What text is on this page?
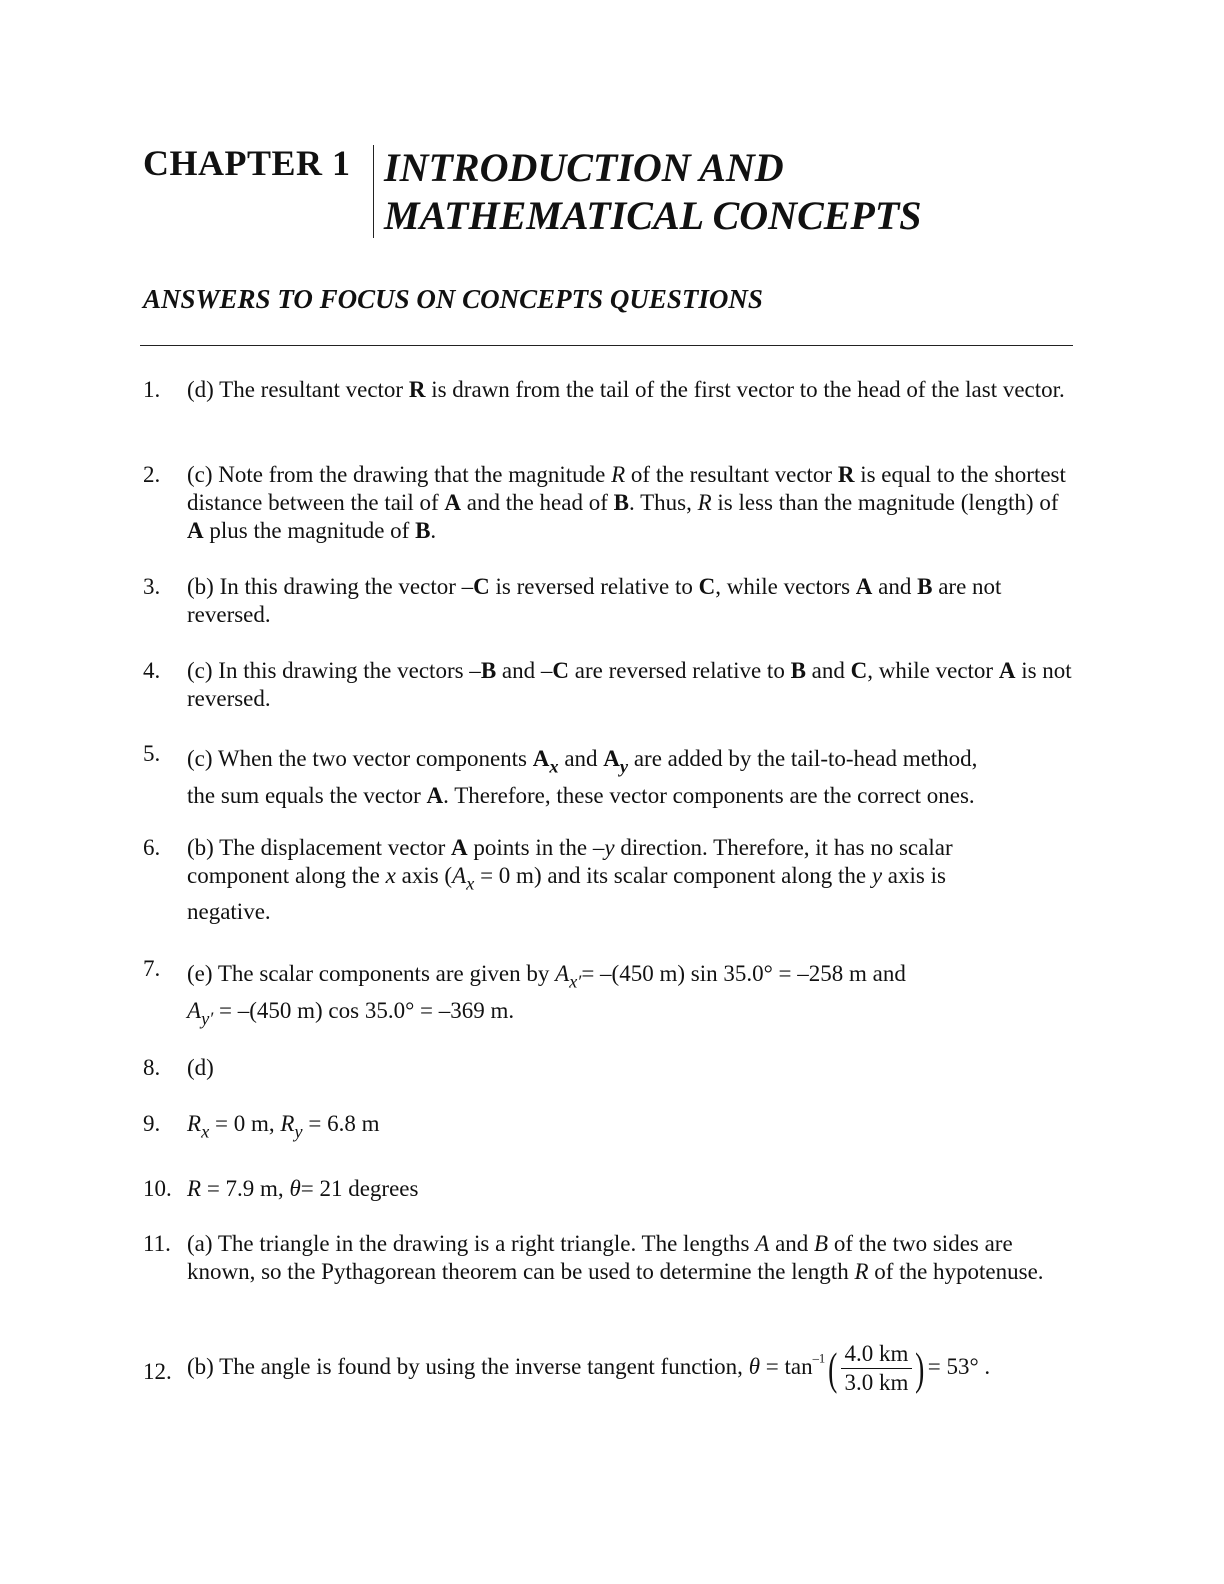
CHAPTER 1 INTRODUCTION AND
MATHEMATICAL CONCEPTS
ANSWERS TO FOCUS ON CONCEPTS QUESTIONS
1.	(d) The resultant vector R is drawn from the tail of the first vector to the head of the last vector.
2.	(c) Note from the drawing that the magnitude R of the resultant vector R is equal to the shortest distance between the tail of A and the head of B. Thus, R is less than the magnitude (length) of A plus the magnitude of B.
3.	(b) In this drawing the vector –C is reversed relative to C, while vectors A and B are not reversed.
4.	(c) In this drawing the vectors –B and –C are reversed relative to B and C, while vector A is not reversed.
5.	(c) When the two vector components $A_x$ and $A_y$ are added by the tail-to-head method,
the sum equals the vector A. Therefore, these vector components are the correct ones.
6.	(b) The displacement vector A points in the –y direction. Therefore, it has no scalar
component along the x axis ($A_x = 0$ m) and its scalar component along the y axis is
negative.
7.	(e) The scalar components are given by $A_{x'}= -(450$ m) sin 35.0° = –258 m and
$A_{y'} = -(450$ m) cos 35.0° = –369 m.
8.	(d)
9.	$R_x = 0$ m, $R_y = 6.8$ m
10. R = 7.9 m, θ= 21 degrees
11. (a) The triangle in the drawing is a right triangle. The lengths A and B of the two sides are known, so the Pythagorean theorem can be used to determine the length R of the hypotenuse.
12. (b) The angle is found by using the inverse tangent function, $\theta = \tan^{-1}( \frac{4.0 km}{3.0 km}$ ) = 53° .
